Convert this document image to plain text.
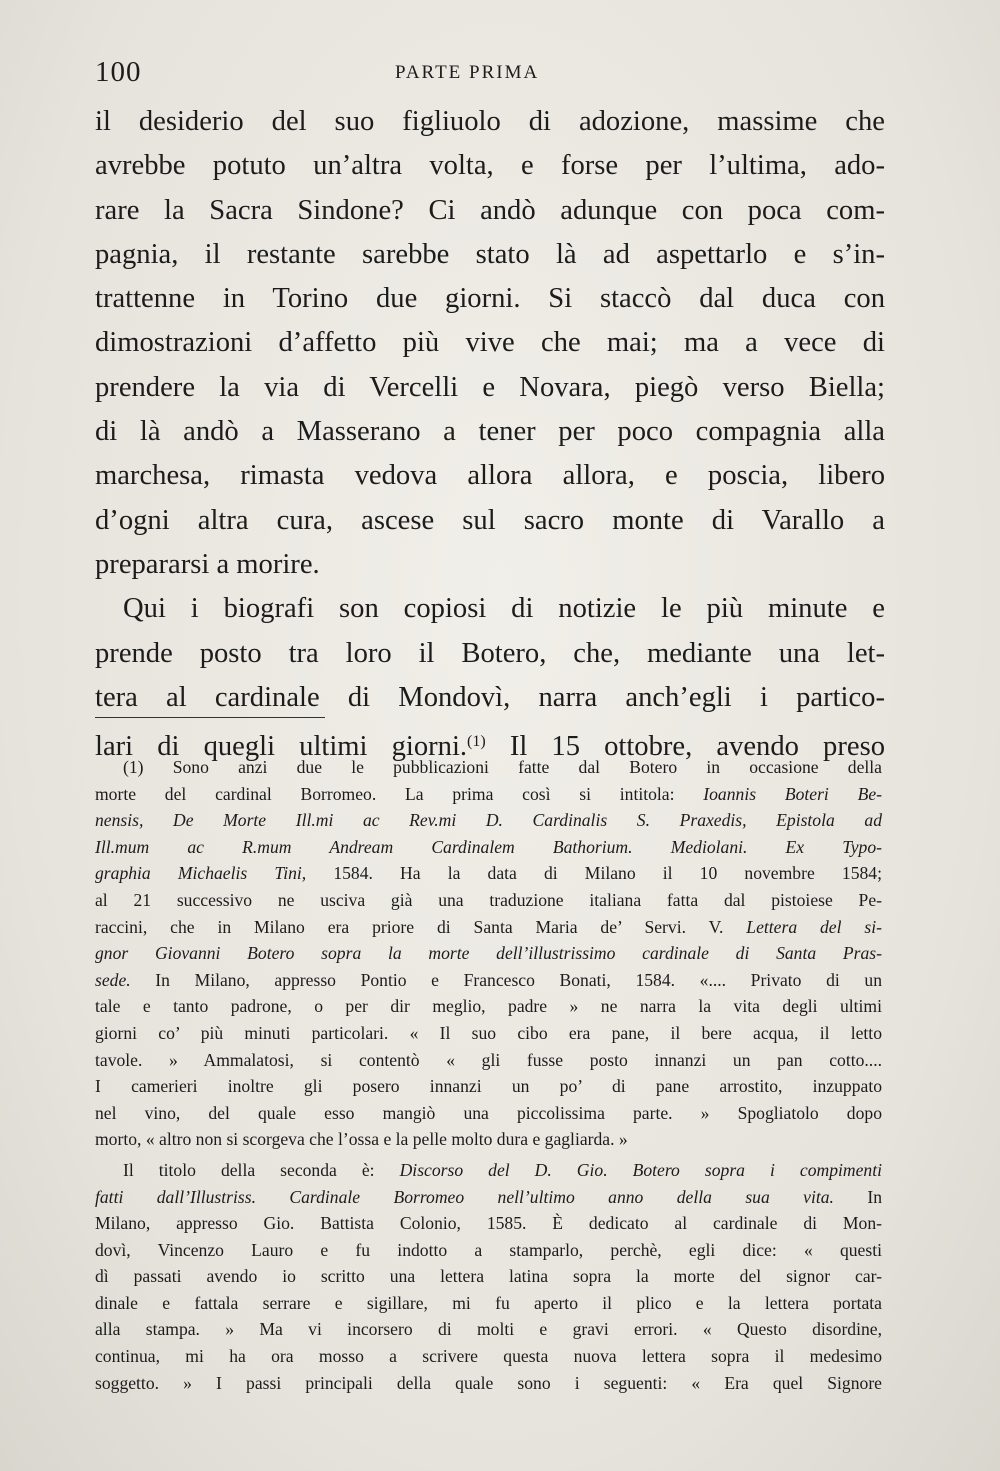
100	PARTE PRIMA
il desiderio del suo figliuolo di adozione, massime che
avrebbe potuto un’altra volta, e forse per l’ultima, ado-
rare la Sacra Sindone? Ci andò adunque con poca com-
pagnia, il restante sarebbe stato là ad aspettarlo e s’in-
trattenne in Torino due giorni. Si staccò dal duca con
dimostrazioni d’affetto più vive che mai; ma a vece di
prendere la via di Vercelli e Novara, piegò verso Biella;
di là andò a Masserano a tener per poco compagnia alla
marchesa, rimasta vedova allora allora, e poscia, libero
d’ogni altra cura, ascese sul sacro monte di Varallo a
prepararsi a morire.
Qui i biografi son copiosi di notizie le più minute e
prende posto tra loro il Botero, che, mediante una let-
tera al cardinale di Mondovì, narra anch’egli i partico-
lari di quegli ultimi giorni.$^{(1)}$ Il 15 ottobre, avendo preso
(1) Sono anzi due le pubblicazioni fatte dal Botero in occasione della
morte del cardinal Borromeo. La prima così si intitola: Ioannis Boteri Be-
nensis, De Morte Ill.mi ac Rev.mi D. Cardinalis S. Praxedis, Epistola ad
Ill.mum ac R.mum Andream Cardinalem Bathorium. Mediolani. Ex Typo-
graphia Michaelis Tini, 1584. Ha la data di Milano il 10 novembre 1584;
al 21 successivo ne usciva già una traduzione italiana fatta dal pistoiese Pe-
raccini, che in Milano era priore di Santa Maria de’ Servi. V. Lettera del si-
gnor Giovanni Botero sopra la morte dell’illustrissimo cardinale di Santa Pras-
sede. In Milano, appresso Pontio e Francesco Bonati, 1584. «.... Privato di un
tale e tanto padrone, o per dir meglio, padre » ne narra la vita degli ultimi
giorni co’ più minuti particolari. « Il suo cibo era pane, il bere acqua, il letto
tavole. » Ammalatosi, si contentò « gli fusse posto innanzi un pan cotto....
I camerieri inoltre gli posero innanzi un po’ di pane arrostito, inzuppato
nel vino, del quale esso mangiò una piccolissima parte. » Spogliatolo dopo
morto, « altro non si scorgeva che l’ossa e la pelle molto dura e gagliarda. »
Il titolo della seconda è: Discorso del D. Gio. Botero sopra i compimenti
fatti dall’Illustriss. Cardinale Borromeo nell’ultimo anno della sua vita. In
Milano, appresso Gio. Battista Colonio, 1585. È dedicato al cardinale di Mon-
dovì, Vincenzo Lauro e fu indotto a stamparlo, perchè, egli dice: « questi
dì passati avendo io scritto una lettera latina sopra la morte del signor car-
dinale e fattala serrare e sigillare, mi fu aperto il plico e la lettera portata
alla stampa. » Ma vi incorsero di molti e gravi errori. « Questo disordine,
continua, mi ha ora mosso a scrivere questa nuova lettera sopra il medesimo
soggetto. » I passi principali della quale sono i seguenti: « Era quel Signore
